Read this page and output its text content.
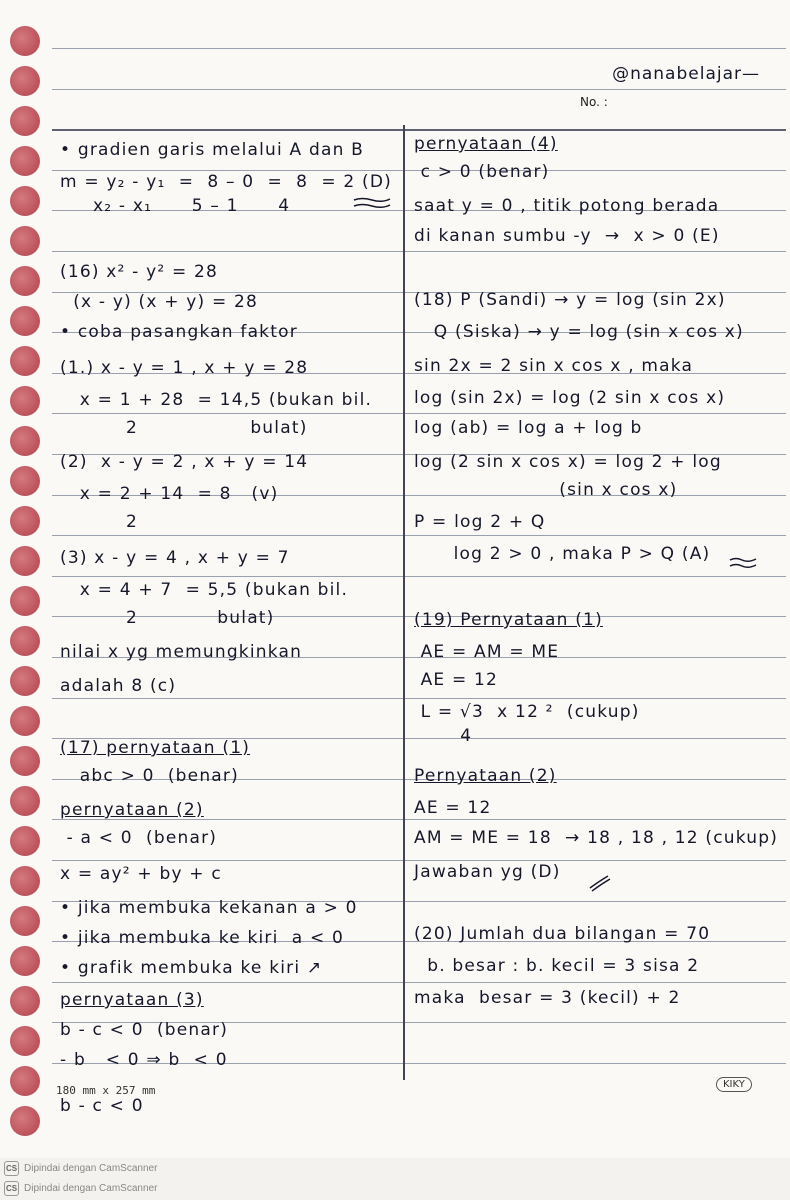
@nanabelajar—
No. :
• gradien garis melalui A dan B
m = y₂ - y₁  =  8 – 0  =  8  = 2 (D)
x₂ - x₁      5 – 1      4
(16) x² - y² = 28
(x - y) (x + y) = 28
• coba pasangkan faktor
(1.) x - y = 1 , x + y = 28
x = 1 + 28  = 14,5 (bukan bil.
2                 bulat)
(2)  x - y = 2 , x + y = 14
x = 2 + 14  = 8   (v)
2
(3) x - y = 4 , x + y = 7
x = 4 + 7  = 5,5 (bukan bil.
2            bulat)
nilai x yg memungkinkan
adalah 8 (c)
(17) pernyataan (1)
abc > 0  (benar)
pernyataan (2)
- a < 0  (benar)
x = ay² + by + c
• jika membuka kekanan a > 0
• jika membuka ke kiri  a < 0
• grafik membuka ke kiri ↗
pernyataan (3)
b - c < 0  (benar)
- b   < 0 ⇒ b  < 0
b - c < 0
pernyataan (4)
c > 0 (benar)
saat y = 0 , titik potong berada
di kanan sumbu -y  →  x > 0 (E)
(18) P (Sandi) → y = log (sin 2x)
Q (Siska) → y = log (sin x cos x)
sin 2x = 2 sin x cos x , maka
log (sin 2x) = log (2 sin x cos x)
log (ab) = log a + log b
log (2 sin x cos x) = log 2 + log
(sin x cos x)
P = log 2 + Q
log 2 > 0 , maka P > Q (A)
(19) Pernyataan (1)
AE = AM = ME
AE = 12
L = √3  x 12 ²  (cukup)
4
Pernyataan (2)
AE = 12
AM = ME = 18  → 18 , 18 , 12 (cukup)
Jawaban yg (D)
(20) Jumlah dua bilangan = 70
b. besar : b. kecil = 3 sisa 2
maka  besar = 3 (kecil) + 2
180 mm x 257 mm	KIKY
CS Dipindai dengan CamScanner
CS Dipindai dengan CamScanner
